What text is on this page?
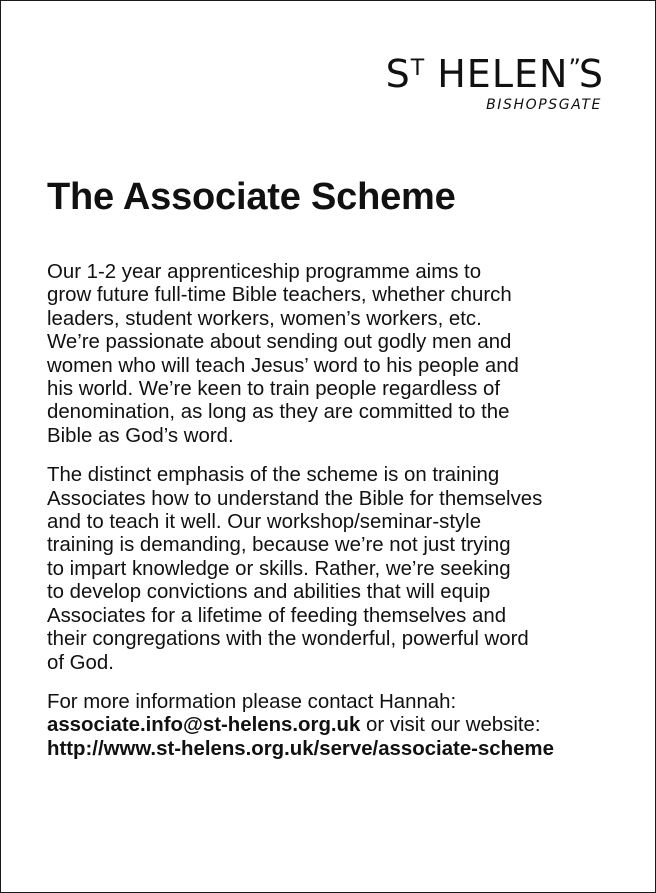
$S^T$ HELEN”S
BISHOPSGATE
The Associate Scheme

Our 1-2 year apprenticeship programme aims to
grow future full-time Bible teachers, whether church
leaders, student workers, women’s workers, etc.
We’re passionate about sending out godly men and
women who will teach Jesus’ word to his people and
his world. We’re keen to train people regardless of
denomination, as long as they are committed to the
Bible as God’s word.

The distinct emphasis of the scheme is on training
Associates how to understand the Bible for themselves
and to teach it well. Our workshop/seminar-style
training is demanding, because we’re not just trying
to impart knowledge or skills. Rather, we’re seeking
to develop convictions and abilities that will equip
Associates for a lifetime of feeding themselves and
their congregations with the wonderful, powerful word
of God.

For more information please contact Hannah:
associate.info@st-helens.org.uk or visit our website:
http://www.st-helens.org.uk/serve/associate-scheme
